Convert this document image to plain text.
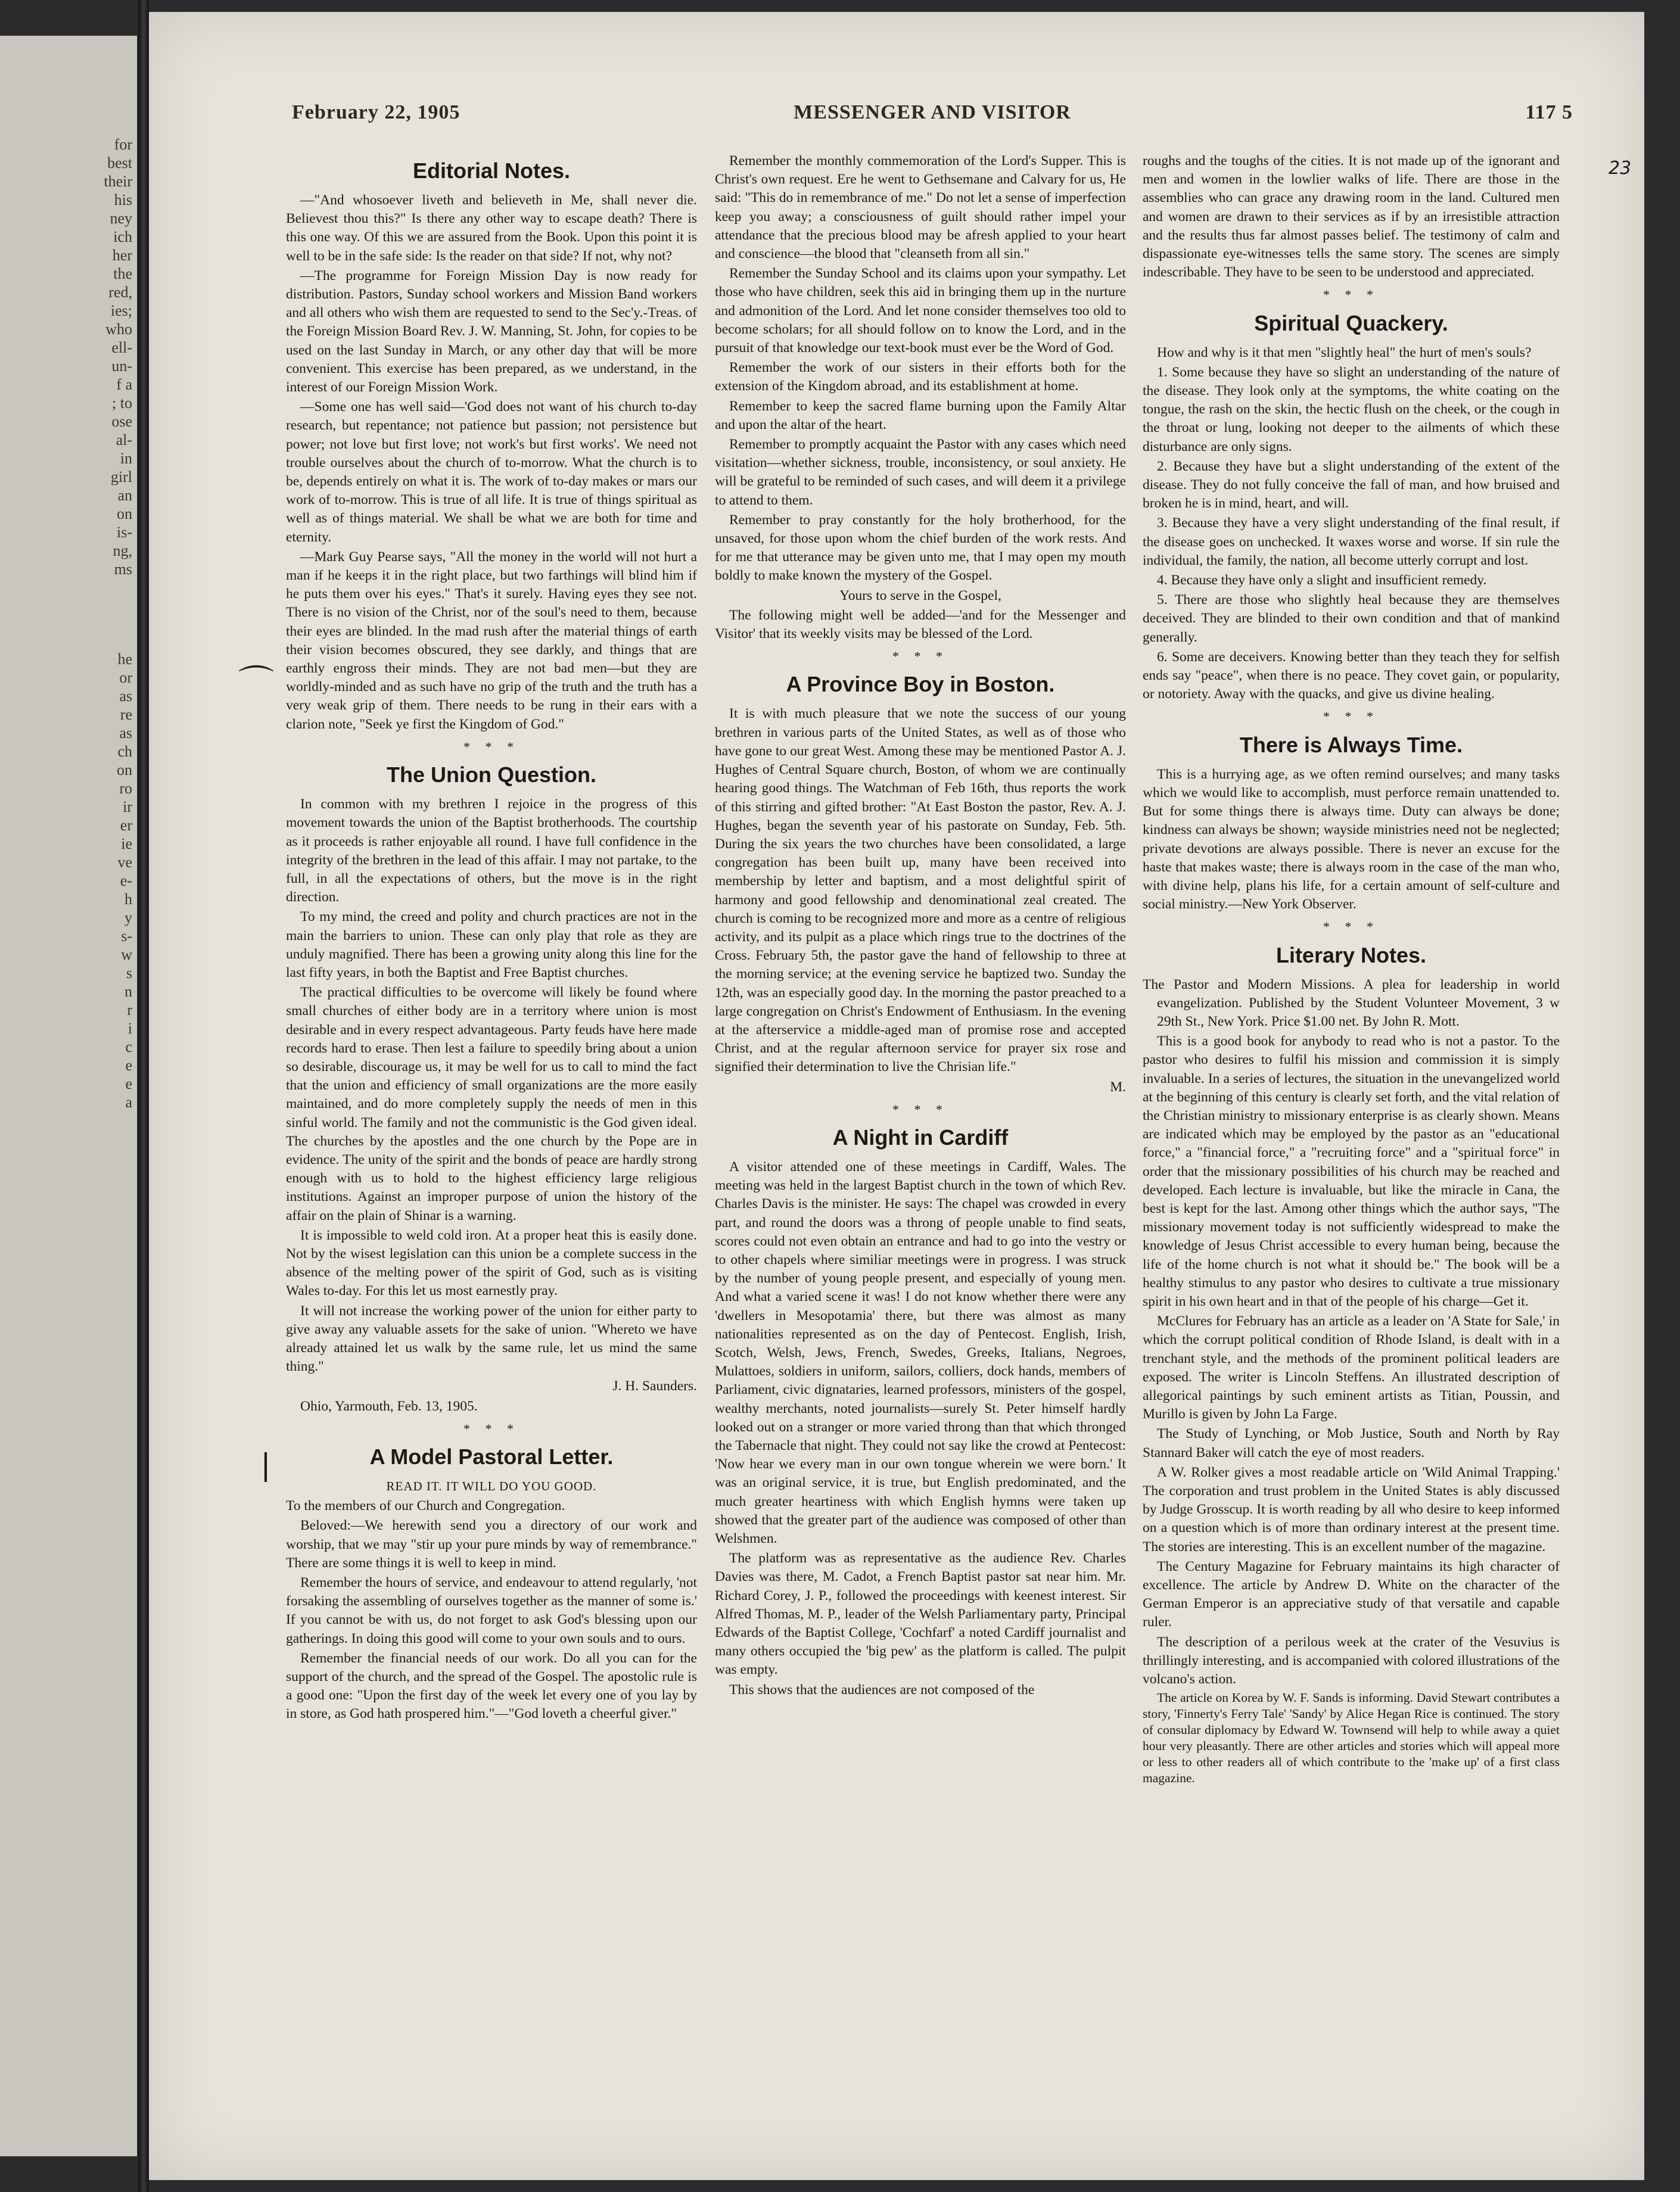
for
best
their
his
ney
ich
her
the
red,
ies;
who
ell-
un-
f a
; to
ose
al-
in
girl
an
on
is-
ng,
ms
he
or
as
re
as
ch
on
ro
ir
er
ie
ve
e-
h
y
s-
w
s
n
r
i
c
e
e
a
February 22, 1905	MESSENGER AND VISITOR	117 5
23
⌒
❘
Editorial Notes.

—"And whosoever liveth and believeth in Me, shall never die. Believest thou this?" Is there any other way to escape death? There is this one way. Of this we are assured from the Book. Upon this point it is well to be in the safe side: Is the reader on that side? If not, why not?

—The programme for Foreign Mission Day is now ready for distribution. Pastors, Sunday school workers and Mission Band workers and all others who wish them are requested to send to the Sec'y.-Treas. of the Foreign Mission Board Rev. J. W. Manning, St. John, for copies to be used on the last Sunday in March, or any other day that will be more convenient. This exercise has been prepared, as we understand, in the interest of our Foreign Mission Work.

—Some one has well said—'God does not want of his church to-day research, but repentance; not patience but passion; not persistence but power; not love but first love; not work's but first works'. We need not trouble ourselves about the church of to-morrow. What the church is to be, depends entirely on what it is. The work of to-day makes or mars our work of to-morrow. This is true of all life. It is true of things spiritual as well as of things material. We shall be what we are both for time and eternity.

—Mark Guy Pearse says, "All the money in the world will not hurt a man if he keeps it in the right place, but two farthings will blind him if he puts them over his eyes." That's it surely. Having eyes they see not. There is no vision of the Christ, nor of the soul's need to them, because their eyes are blinded. In the mad rush after the material things of earth their vision becomes obscured, they see darkly, and things that are earthly engross their minds. They are not bad men—but they are worldly-minded and as such have no grip of the truth and the truth has a very weak grip of them. There needs to be rung in their ears with a clarion note, "Seek ye first the Kingdom of God."

* * *
The Union Question.

In common with my brethren I rejoice in the progress of this movement towards the union of the Baptist brotherhoods. The courtship as it proceeds is rather enjoyable all round. I have full confidence in the integrity of the brethren in the lead of this affair. I may not partake, to the full, in all the expectations of others, but the move is in the right direction.

To my mind, the creed and polity and church practices are not in the main the barriers to union. These can only play that role as they are unduly magnified. There has been a growing unity along this line for the last fifty years, in both the Baptist and Free Baptist churches.

The practical difficulties to be overcome will likely be found where small churches of either body are in a territory where union is most desirable and in every respect advantageous. Party feuds have here made records hard to erase. Then lest a failure to speedily bring about a union so desirable, discourage us, it may be well for us to call to mind the fact that the union and efficiency of small organizations are the more easily maintained, and do more completely supply the needs of men in this sinful world. The family and not the communistic is the God given ideal. The churches by the apostles and the one church by the Pope are in evidence. The unity of the spirit and the bonds of peace are hardly strong enough with us to hold to the highest efficiency large religious institutions. Against an improper purpose of union the history of the affair on the plain of Shinar is a warning.

It is impossible to weld cold iron. At a proper heat this is easily done. Not by the wisest legislation can this union be a complete success in the absence of the melting power of the spirit of God, such as is visiting Wales to-day. For this let us most earnestly pray.

It will not increase the working power of the union for either party to give away any valuable assets for the sake of union. "Whereto we have already attained let us walk by the same rule, let us mind the same thing."

J. H. Saunders.

Ohio, Yarmouth, Feb. 13, 1905.

* * *
A Model Pastoral Letter.

READ IT. IT WILL DO YOU GOOD.

To the members of our Church and Congregation.

Beloved:—We herewith send you a directory of our work and worship, that we may "stir up your pure minds by way of remembrance." There are some things it is well to keep in mind.

Remember the hours of service, and endeavour to attend regularly, 'not forsaking the assembling of ourselves together as the manner of some is.' If you cannot be with us, do not forget to ask God's blessing upon our gatherings. In doing this good will come to your own souls and to ours.

Remember the financial needs of our work. Do all you can for the support of the church, and the spread of the Gospel. The apostolic rule is a good one: "Upon the first day of the week let every one of you lay by in store, as God hath prospered him."—"God loveth a cheerful giver."

Remember the monthly commemoration of the Lord's Supper. This is Christ's own request. Ere he went to Gethsemane and Calvary for us, He said: "This do in remembrance of me." Do not let a sense of imperfection keep you away; a consciousness of guilt should rather impel your attendance that the precious blood may be afresh applied to your heart and conscience—the blood that "cleanseth from all sin."

Remember the Sunday School and its claims upon your sympathy. Let those who have children, seek this aid in bringing them up in the nurture and admonition of the Lord. And let none consider themselves too old to become scholars; for all should follow on to know the Lord, and in the pursuit of that knowledge our text-book must ever be the Word of God.

Remember the work of our sisters in their efforts both for the extension of the Kingdom abroad, and its establishment at home.

Remember to keep the sacred flame burning upon the Family Altar and upon the altar of the heart.

Remember to promptly acquaint the Pastor with any cases which need visitation—whether sickness, trouble, inconsistency, or soul anxiety. He will be grateful to be reminded of such cases, and will deem it a privilege to attend to them.

Remember to pray constantly for the holy brotherhood, for the unsaved, for those upon whom the chief burden of the work rests. And for me that utterance may be given unto me, that I may open my mouth boldly to make known the mystery of the Gospel.

Yours to serve in the Gospel,

The following might well be added—'and for the Messenger and Visitor' that its weekly visits may be blessed of the Lord.

* * *
A Province Boy in Boston.

It is with much pleasure that we note the success of our young brethren in various parts of the United States, as well as of those who have gone to our great West. Among these may be mentioned Pastor A. J. Hughes of Central Square church, Boston, of whom we are continually hearing good things. The Watchman of Feb 16th, thus reports the work of this stirring and gifted brother: "At East Boston the pastor, Rev. A. J. Hughes, began the seventh year of his pastorate on Sunday, Feb. 5th. During the six years the two churches have been consolidated, a large congregation has been built up, many have been received into membership by letter and baptism, and a most delightful spirit of harmony and good fellowship and denominational zeal created. The church is coming to be recognized more and more as a centre of religious activity, and its pulpit as a place which rings true to the doctrines of the Cross. February 5th, the pastor gave the hand of fellowship to three at the morning service; at the evening service he baptized two. Sunday the 12th, was an especially good day. In the morning the pastor preached to a large congregation on Christ's Endowment of Enthusiasm. In the evening at the afterservice a middle-aged man of promise rose and accepted Christ, and at the regular afternoon service for prayer six rose and signified their determination to live the Chrisian life."

M.

* * *
A Night in Cardiff

A visitor attended one of these meetings in Cardiff, Wales. The meeting was held in the largest Baptist church in the town of which Rev. Charles Davis is the minister. He says: The chapel was crowded in every part, and round the doors was a throng of people unable to find seats, scores could not even obtain an entrance and had to go into the vestry or to other chapels where similiar meetings were in progress. I was struck by the number of young people present, and especially of young men. And what a varied scene it was! I do not know whether there were any 'dwellers in Mesopotamia' there, but there was almost as many nationalities represented as on the day of Pentecost. English, Irish, Scotch, Welsh, Jews, French, Swedes, Greeks, Italians, Negroes, Mulattoes, soldiers in uniform, sailors, colliers, dock hands, members of Parliament, civic dignataries, learned professors, ministers of the gospel, wealthy merchants, noted journalists—surely St. Peter himself hardly looked out on a stranger or more varied throng than that which thronged the Tabernacle that night. They could not say like the crowd at Pentecost: 'Now hear we every man in our own tongue wherein we were born.' It was an original service, it is true, but English predominated, and the much greater heartiness with which English hymns were taken up showed that the greater part of the audience was composed of other than Welshmen.

The platform was as representative as the audience Rev. Charles Davies was there, M. Cadot, a French Baptist pastor sat near him. Mr. Richard Corey, J. P., followed the proceedings with keenest interest. Sir Alfred Thomas, M. P., leader of the Welsh Parliamentary party, Principal Edwards of the Baptist College, 'Cochfarf' a noted Cardiff journalist and many others occupied the 'big pew' as the platform is called. The pulpit was empty.

This shows that the audiences are not composed of the

roughs and the toughs of the cities. It is not made up of the ignorant and men and women in the lowlier walks of life. There are those in the assemblies who can grace any drawing room in the land. Cultured men and women are drawn to their services as if by an irresistible attraction and the results thus far almost passes belief. The testimony of calm and dispassionate eye-witnesses tells the same story. The scenes are simply indescribable. They have to be seen to be understood and appreciated.

* * *
Spiritual Quackery.

How and why is it that men "slightly heal" the hurt of men's souls?

1. Some because they have so slight an understanding of the nature of the disease. They look only at the symptoms, the white coating on the tongue, the rash on the skin, the hectic flush on the cheek, or the cough in the throat or lung, looking not deeper to the ailments of which these disturbance are only signs.

2. Because they have but a slight understanding of the extent of the disease. They do not fully conceive the fall of man, and how bruised and broken he is in mind, heart, and will.

3. Because they have a very slight understanding of the final result, if the disease goes on unchecked. It waxes worse and worse. If sin rule the individual, the family, the nation, all become utterly corrupt and lost.

4. Because they have only a slight and insufficient remedy.

5. There are those who slightly heal because they are themselves deceived. They are blinded to their own condition and that of mankind generally.

6. Some are deceivers. Knowing better than they teach they for selfish ends say "peace", when there is no peace. They covet gain, or popularity, or notoriety. Away with the quacks, and give us divine healing.

* * *
There is Always Time.

This is a hurrying age, as we often remind ourselves; and many tasks which we would like to accomplish, must perforce remain unattended to. But for some things there is always time. Duty can always be done; kindness can always be shown; wayside ministries need not be neglected; private devotions are always possible. There is never an excuse for the haste that makes waste; there is always room in the case of the man who, with divine help, plans his life, for a certain amount of self-culture and social ministry.—New York Observer.

* * *
Literary Notes.

The Pastor and Modern Missions. A plea for leadership in world evangelization. Published by the Student Volunteer Movement, 3 w 29th St., New York. Price $1.00 net. By John R. Mott.

This is a good book for anybody to read who is not a pastor. To the pastor who desires to fulfil his mission and commission it is simply invaluable. In a series of lectures, the situation in the unevangelized world at the beginning of this century is clearly set forth, and the vital relation of the Christian ministry to missionary enterprise is as clearly shown. Means are indicated which may be employed by the pastor as an "educational force," a "financial force," a "recruiting force" and a "spiritual force" in order that the missionary possibilities of his church may be reached and developed. Each lecture is invaluable, but like the miracle in Cana, the best is kept for the last. Among other things which the author says, "The missionary movement today is not sufficiently widespread to make the knowledge of Jesus Christ accessible to every human being, because the life of the home church is not what it should be." The book will be a healthy stimulus to any pastor who desires to cultivate a true missionary spirit in his own heart and in that of the people of his charge—Get it.

McClures for February has an article as a leader on 'A State for Sale,' in which the corrupt political condition of Rhode Island, is dealt with in a trenchant style, and the methods of the prominent political leaders are exposed. The writer is Lincoln Steffens. An illustrated description of allegorical paintings by such eminent artists as Titian, Poussin, and Murillo is given by John La Farge.

The Study of Lynching, or Mob Justice, South and North by Ray Stannard Baker will catch the eye of most readers.

A W. Rolker gives a most readable article on 'Wild Animal Trapping.' The corporation and trust problem in the United States is ably discussed by Judge Grosscup. It is worth reading by all who desire to keep informed on a question which is of more than ordinary interest at the present time. The stories are interesting. This is an excellent number of the magazine.

The Century Magazine for February maintains its high character of excellence. The article by Andrew D. White on the character of the German Emperor is an appreciative study of that versatile and capable ruler.

The description of a perilous week at the crater of the Vesuvius is thrillingly interesting, and is accompanied with colored illustrations of the volcano's action.

The article on Korea by W. F. Sands is informing. David Stewart contributes a story, 'Finnerty's Ferry Tale' 'Sandy' by Alice Hegan Rice is continued. The story of consular diplomacy by Edward W. Townsend will help to while away a quiet hour very pleasantly. There are other articles and stories which will appeal more or less to other readers all of which contribute to the 'make up' of a first class magazine.
